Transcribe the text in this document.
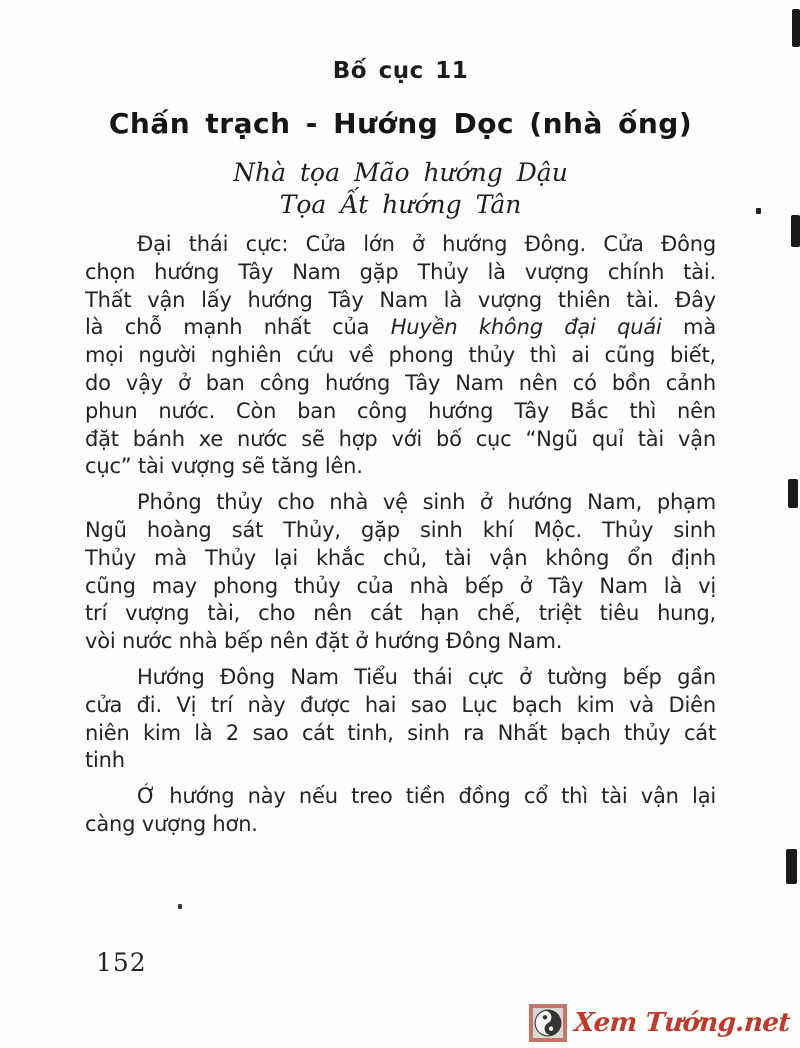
Bố cục 11
Chấn trạch - Hướng Dọc (nhà ống)
Nhà tọa Mão hướng Dậu
Tọa Ất hướng Tân
Đại thái cực: Cửa lớn ở hướng Đông. Cửa Đông
chọn hướng Tây Nam gặp Thủy là vượng chính tài.
Thất vận lấy hướng Tây Nam là vượng thiên tài. Đây
là chỗ mạnh nhất của Huyền không đại quái mà
mọi người nghiên cứu về phong thủy thì ai cũng biết,
do vậy ở ban công hướng Tây Nam nên có bồn cảnh
phun nước. Còn ban công hướng Tây Bắc thì nên
đặt bánh xe nước sẽ hợp với bố cục “Ngũ quỉ tài vận
cục” tài vượng sẽ tăng lên.
Phỏng thủy cho nhà vệ sinh ở hướng Nam, phạm
Ngũ hoàng sát Thủy, gặp sinh khí Mộc. Thủy sinh
Thủy mà Thủy lại khắc chủ, tài vận không ổn định
cũng may phong thủy của nhà bếp ở Tây Nam là vị
trí vượng tài, cho nên cát hạn chế, triệt tiêu hung,
vòi nước nhà bếp nên đặt ở hướng Đông Nam.
Hướng Đông Nam Tiểu thái cực ở tường bếp gần
cửa đi. Vị trí này được hai sao Lục bạch kim và Diên
niên kim là 2 sao cát tinh, sinh ra Nhất bạch thủy cát
tinh
Ở hướng này nếu treo tiền đồng cổ thì tài vận lại
càng vượng hơn.
152
Xem Tướng.net
